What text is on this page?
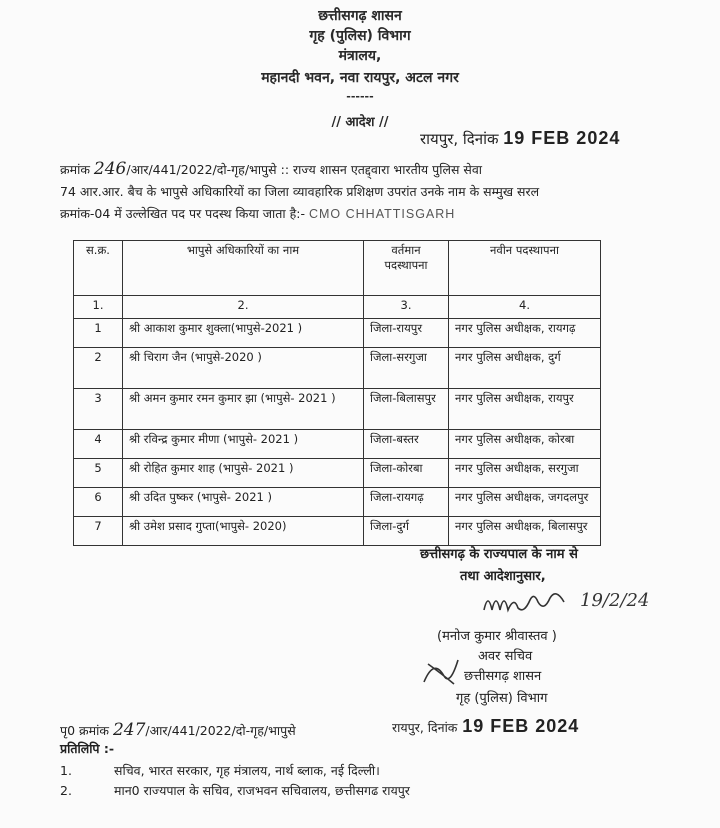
छत्तीसगढ़ शासन
गृह (पुलिस) विभाग
मंत्रालय,
महानदी भवन, नवा रायपुर, अटल नगर
------
// आदेश //
रायपुर, दिनांक 19 FEB 2024
क्रमांक 246/आर/441/2022/दो-गृह/भापुसे :: राज्य शासन एतद्द्वारा भारतीय पुलिस सेवा
74 आर.आर. बैच के भापुसे अधिकारियों का जिला व्यावहारिक प्रशिक्षण उपरांत उनके नाम के सम्मुख सरल
क्रमांक-04 में उल्लेखित पद पर पदस्थ किया जाता है:- CMO CHHATTISGARH
स.क्र.	भापुसे अधिकारियों का नाम	वर्तमान पदस्थापना	नवीन पदस्थापना
1.	2.	3.	4.
1	श्री आकाश कुमार शुक्ला(भापुसे-2021 )	जिला-रायपुर	नगर पुलिस अधीक्षक, रायगढ़
2	श्री चिराग जैन (भापुसे-2020 )	जिला-सरगुजा	नगर पुलिस अधीक्षक, दुर्ग
3	श्री अमन कुमार रमन कुमार झा (भापुसे- 2021 )	जिला-बिलासपुर	नगर पुलिस अधीक्षक, रायपुर
4	श्री रविन्द्र कुमार मीणा (भापुसे- 2021 )	जिला-बस्तर	नगर पुलिस अधीक्षक, कोरबा
5	श्री रोहित कुमार शाह (भापुसे- 2021 )	जिला-कोरबा	नगर पुलिस अधीक्षक, सरगुजा
6	श्री उदित पुष्कर (भापुसे- 2021 )	जिला-रायगढ़	नगर पुलिस अधीक्षक, जगदलपुर
7	श्री उमेश प्रसाद गुप्ता(भापुसे- 2020)	जिला-दुर्ग	नगर पुलिस अधीक्षक, बिलासपुर
छत्तीसगढ़ के राज्यपाल के नाम से
तथा आदेशानुसार,
19/2/24
(मनोज कुमार श्रीवास्तव )
अवर सचिव
छत्तीसगढ़ शासन
गृह (पुलिस) विभाग
पृ0 क्रमांक 247/आर/441/2022/दो-गृह/भापुसे	रायपुर, दिनांक 19 FEB 2024
प्रतिलिपि :-
1.	सचिव, भारत सरकार, गृह मंत्रालय, नार्थ ब्लाक, नई दिल्ली।
2.	मान0 राज्यपाल के सचिव, राजभवन सचिवालय, छत्तीसगढ रायपुर
